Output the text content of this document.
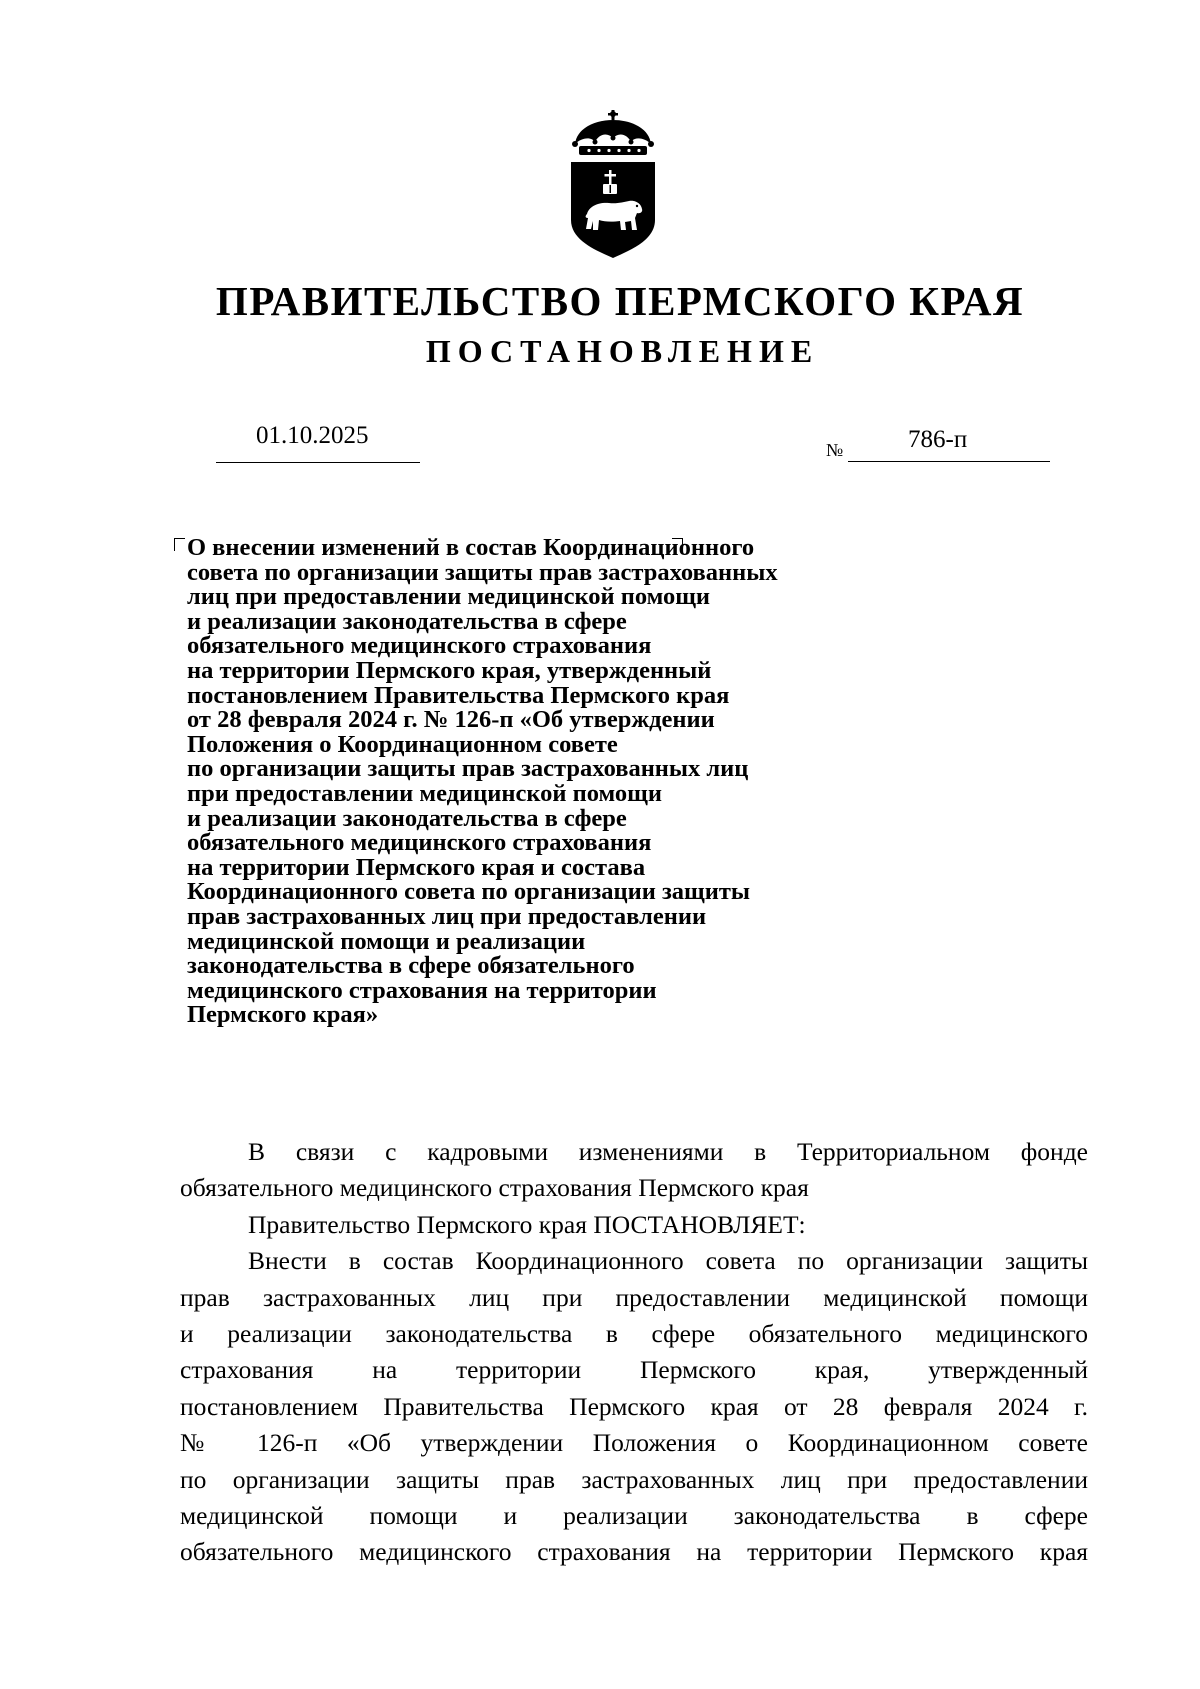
ПРАВИТЕЛЬСТВО ПЕРМСКОГО КРАЯ
ПОСТАНОВЛЕНИЕ
01.10.2025
№	786-п
О внесении изменений в состав Координационного
совета по организации защиты прав застрахованных
лиц при предоставлении медицинской помощи
и реализации законодательства в сфере
обязательного медицинского страхования
на территории Пермского края, утвержденный
постановлением Правительства Пермского края
от 28 февраля 2024 г. № 126-п «Об утверждении
Положения о Координационном совете
по организации защиты прав застрахованных лиц
при предоставлении медицинской помощи
и реализации законодательства в сфере
обязательного медицинского страхования
на территории Пермского края и состава
Координационного совета по организации защиты
прав застрахованных лиц при предоставлении
медицинской помощи и реализации
законодательства в сфере обязательного
медицинского страхования на территории
Пермского края»
В связи с кадровыми изменениями в Территориальном фонде
обязательного медицинского страхования Пермского края
Правительство Пермского края ПОСТАНОВЛЯЕТ:
Внести в состав Координационного совета по организации защиты
прав застрахованных лиц при предоставлении медицинской помощи
и реализации законодательства в сфере обязательного медицинского
страхования на территории Пермского края, утвержденный
постановлением Правительства Пермского края от 28 февраля 2024 г.
№ 126-п «Об утверждении Положения о Координационном совете
по организации защиты прав застрахованных лиц при предоставлении
медицинской помощи и реализации законодательства в сфере
обязательного медицинского страхования на территории Пермского края
